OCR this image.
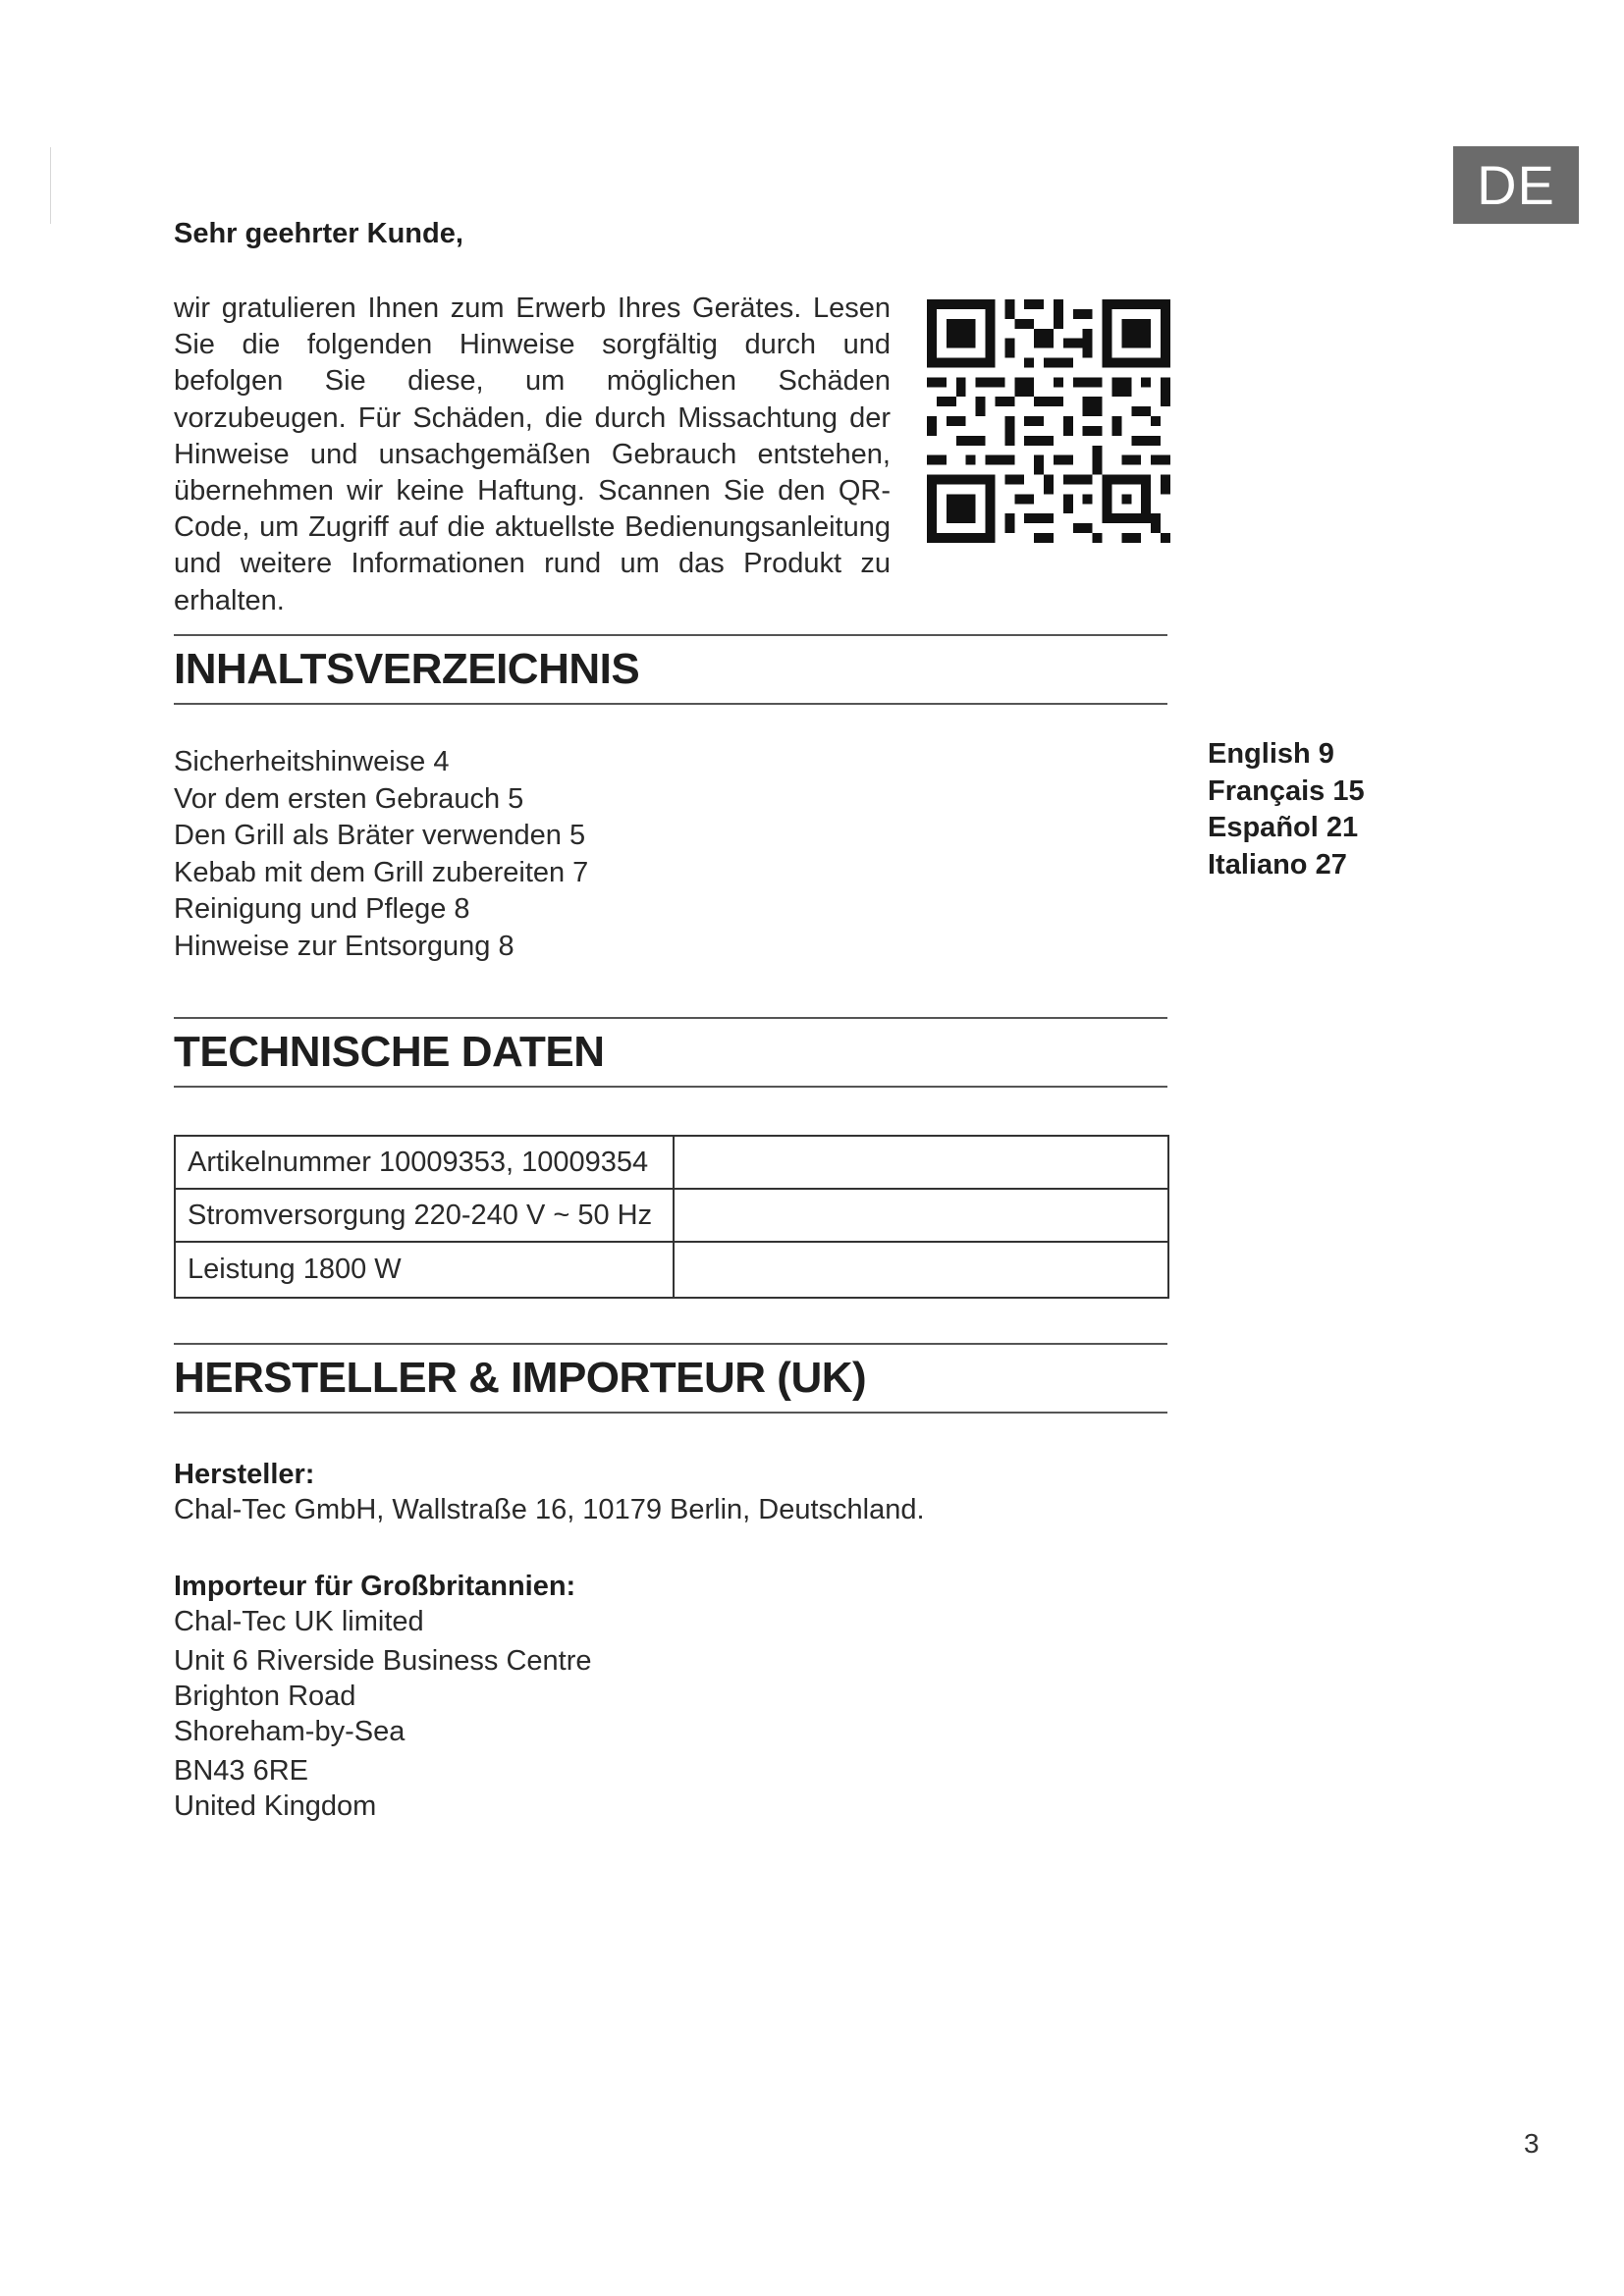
DE
Sehr geehrter Kunde,
wir gratulieren Ihnen zum Erwerb Ihres Gerätes. Lesen Sie die folgenden Hinweise sorgfältig durch und befolgen Sie diese, um möglichen Schäden vorzubeugen. Für Schäden, die durch Missachtung der Hinweise und unsachgemäßen Gebrauch entstehen, übernehmen wir keine Haftung. Scannen Sie den QR-Code, um Zugriff auf die aktuellste Bedienungsanleitung und weitere Informationen rund um das Produkt zu erhalten.
INHALTSVERZEICHNIS
Sicherheitshinweise 4
Vor dem ersten Gebrauch 5
Den Grill als Bräter verwenden 5
Kebab mit dem Grill zubereiten 7
Reinigung und Pflege 8
Hinweise zur Entsorgung 8
English 9
Français 15
Español 21
Italiano 27
TECHNISCHE DATEN
Artikelnummer 10009353, 10009354	
Stromversorgung 220-240 V ~ 50 Hz	
Leistung 1800 W	
HERSTELLER & IMPORTEUR (UK)
Hersteller:
Chal-Tec GmbH, Wallstraße 16, 10179 Berlin, Deutschland.
Importeur für Großbritannien:
Chal-Tec UK limited
Unit 6 Riverside Business Centre
Brighton Road
Shoreham-by-Sea
BN43 6RE
United Kingdom
3
